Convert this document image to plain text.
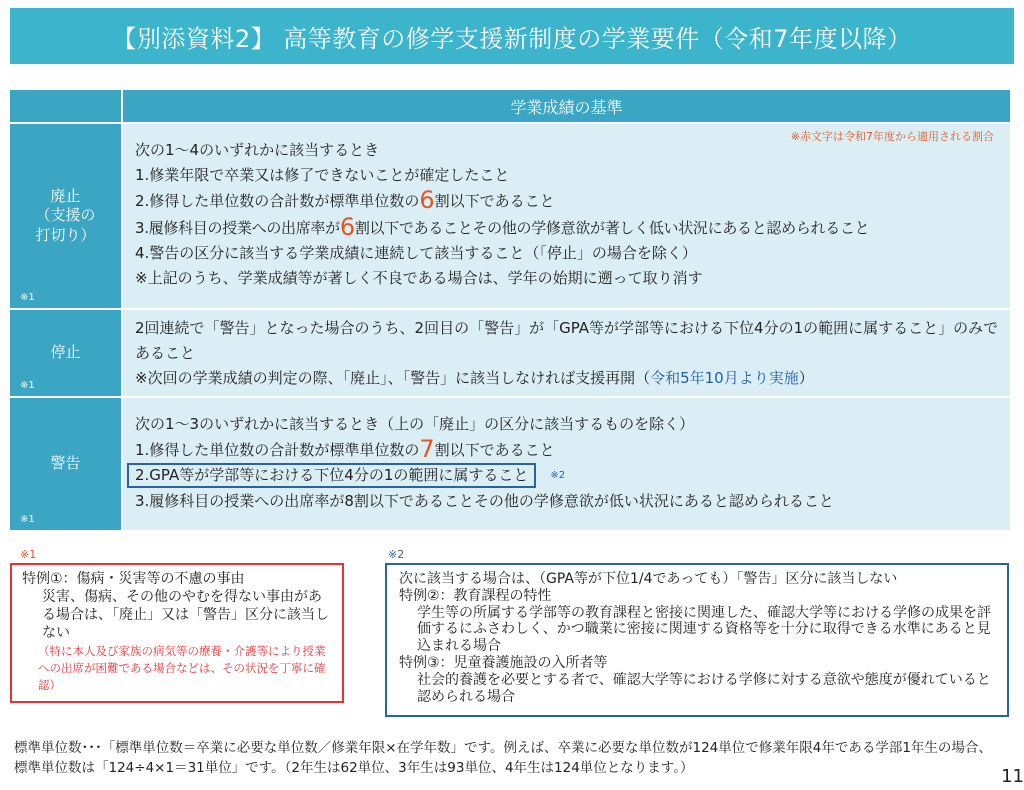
【別添資料2】 高等教育の修学支援新制度の学業要件（令和7年度以降）
学業成績の基準
廃止
（支援の
打切り）
※1
※赤文字は令和7年度から適用される割合
次の1～4のいずれかに該当するとき
1.修業年限で卒業又は修了できないことが確定したこと
2.修得した単位数の合計数が標準単位数の6割以下であること
3.履修科目の授業への出席率が6割以下であることその他の学修意欲が著しく低い状況にあると認められること
4.警告の区分に該当する学業成績に連続して該当すること（「停止」の場合を除く）
※上記のうち、学業成績等が著しく不良である場合は、学年の始期に遡って取り消す
停止
※1
2回連続で「警告」となった場合のうち、2回目の「警告」が「GPA等が学部等における下位4分の1の範囲に属すること」のみであること
※次回の学業成績の判定の際、「廃止」、「警告」に該当しなければ支援再開（令和5年10月より実施）
警告
※1
次の1～3のいずれかに該当するとき（上の「廃止」の区分に該当するものを除く）
1.修得した単位数の合計数が標準単位数の7割以下であること
2.GPA等が学部等における下位4分の1の範囲に属すること ※2
3.履修科目の授業への出席率が8割以下であることその他の学修意欲が低い状況にあると認められること
※1
特例①：傷病・災害等の不慮の事由
災害、傷病、その他のやむを得ない事由がある場合は、「廃止」又は「警告」区分に該当しない
（特に本人及び家族の病気等の療養・介護等により授業への出席が困難である場合などは、その状況を丁寧に確認）
※2
次に該当する場合は、（GPA等が下位1/4であっても）「警告」区分に該当しない
特例②：教育課程の特性
学生等の所属する学部等の教育課程と密接に関連した、確認大学等における学修の成果を評価するにふさわしく、かつ職業に密接に関連する資格等を十分に取得できる水準にあると見込まれる場合
特例③：児童養護施設の入所者等
社会的養護を必要とする者で、確認大学等における学修に対する意欲や態度が優れていると認められる場合
標準単位数･･･「標準単位数＝卒業に必要な単位数／修業年限×在学年数」です。例えば、卒業に必要な単位数が124単位で修業年限4年である学部1年生の場合、標準単位数は「124÷4×1＝31単位」です。（2年生は62単位、3年生は93単位、4年生は124単位となります。）	11
